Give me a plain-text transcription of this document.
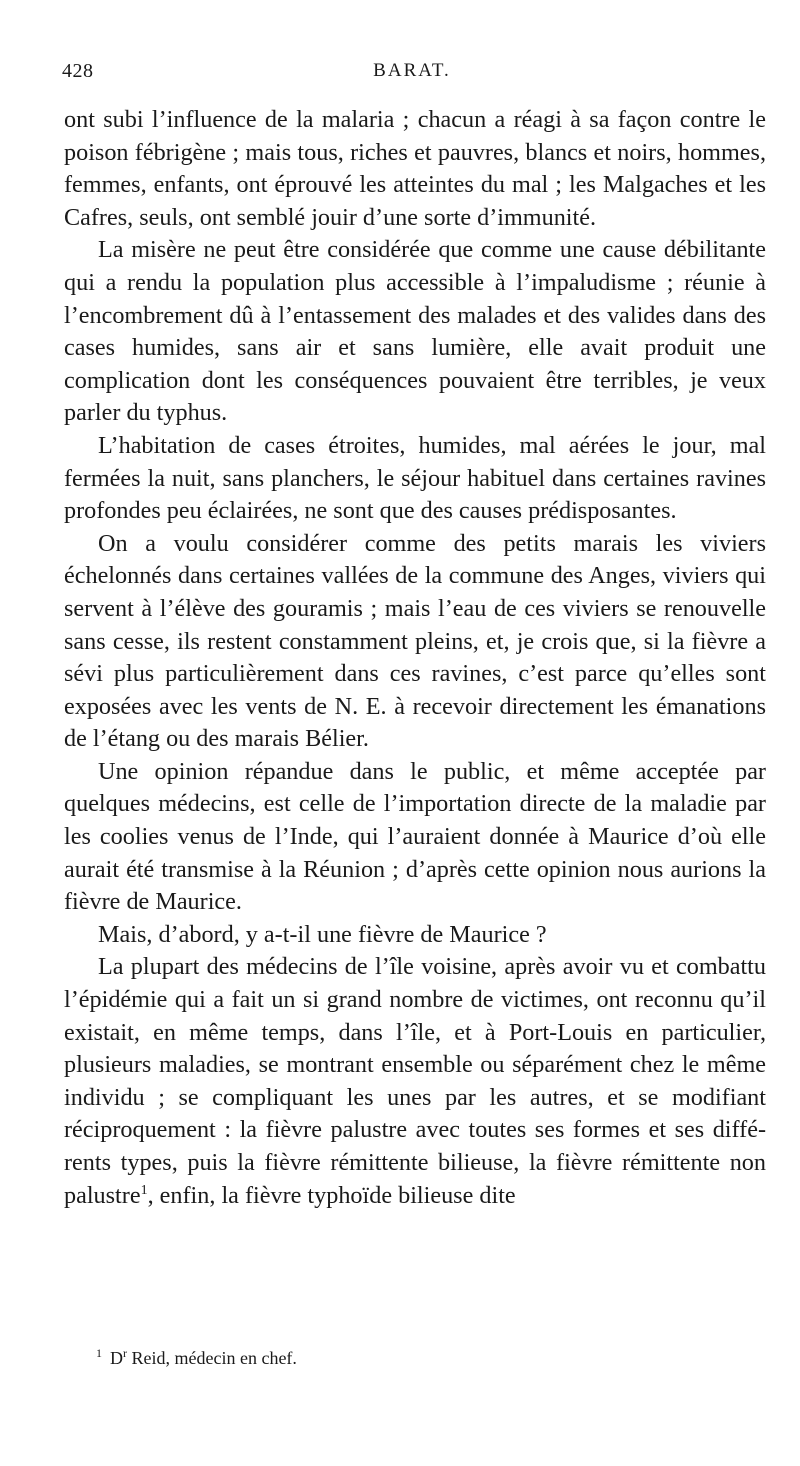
428	BARAT.

ont subi l’influence de la malaria ; chacun a réagi à sa façon contre le poison fébrigène ; mais tous, riches et pauvres, blancs et noirs, hommes, femmes, enfants, ont éprouvé les atteintes du mal ; les Malgaches et les Cafres, seuls, ont semblé jouir d’une sorte d’immunité.

La misère ne peut être considérée que comme une cause débilitante qui a rendu la population plus accessible à l’impaludisme ; réunie à l’encombrement dû à l’entassement des malades et des valides dans des cases humides, sans air et sans lumière, elle avait produit une complication dont les conséquences pouvaient être terribles, je veux parler du typhus.

L’habitation de cases étroites, humides, mal aérées le jour, mal fermées la nuit, sans planchers, le séjour habituel dans certaines ravines profondes peu éclairées, ne sont que des causes prédisposantes.

On a voulu considérer comme des petits marais les viviers échelonnés dans certaines vallées de la commune des Anges, viviers qui servent à l’élève des gouramis ; mais l’eau de ces viviers se renouvelle sans cesse, ils restent constamment pleins, et, je crois que, si la fièvre a sévi plus particulièrement dans ces ravines, c’est parce qu’elles sont exposées avec les vents de N. E. à recevoir directement les émanations de l’étang ou des marais Bélier.

Une opinion répandue dans le public, et même acceptée par quelques médecins, est celle de l’importation directe de la maladie par les coolies venus de l’Inde, qui l’auraient donnée à Maurice d’où elle aurait été transmise à la Réunion ; d’après cette opinion nous aurions la fièvre de Maurice.

Mais, d’abord, y a-t-il une fièvre de Maurice ?

La plupart des médecins de l’île voisine, après avoir vu et combattu l’épidémie qui a fait un si grand nombre de victimes, ont reconnu qu’il existait, en même temps, dans l’île, et à Port-Louis en particulier, plusieurs maladies, se montrant ensemble ou séparément chez le même individu ; se compliquant les unes par les autres, et se modifiant réciproquement : la fièvre palustre avec toutes ses formes et ses différents types, puis la fièvre rémittente bilieuse, la fièvre rémittente non palustre$^1$, enfin, la fièvre typhoïde bilieuse dite

$^1$ $D^r$ Reid, médecin en chef.
